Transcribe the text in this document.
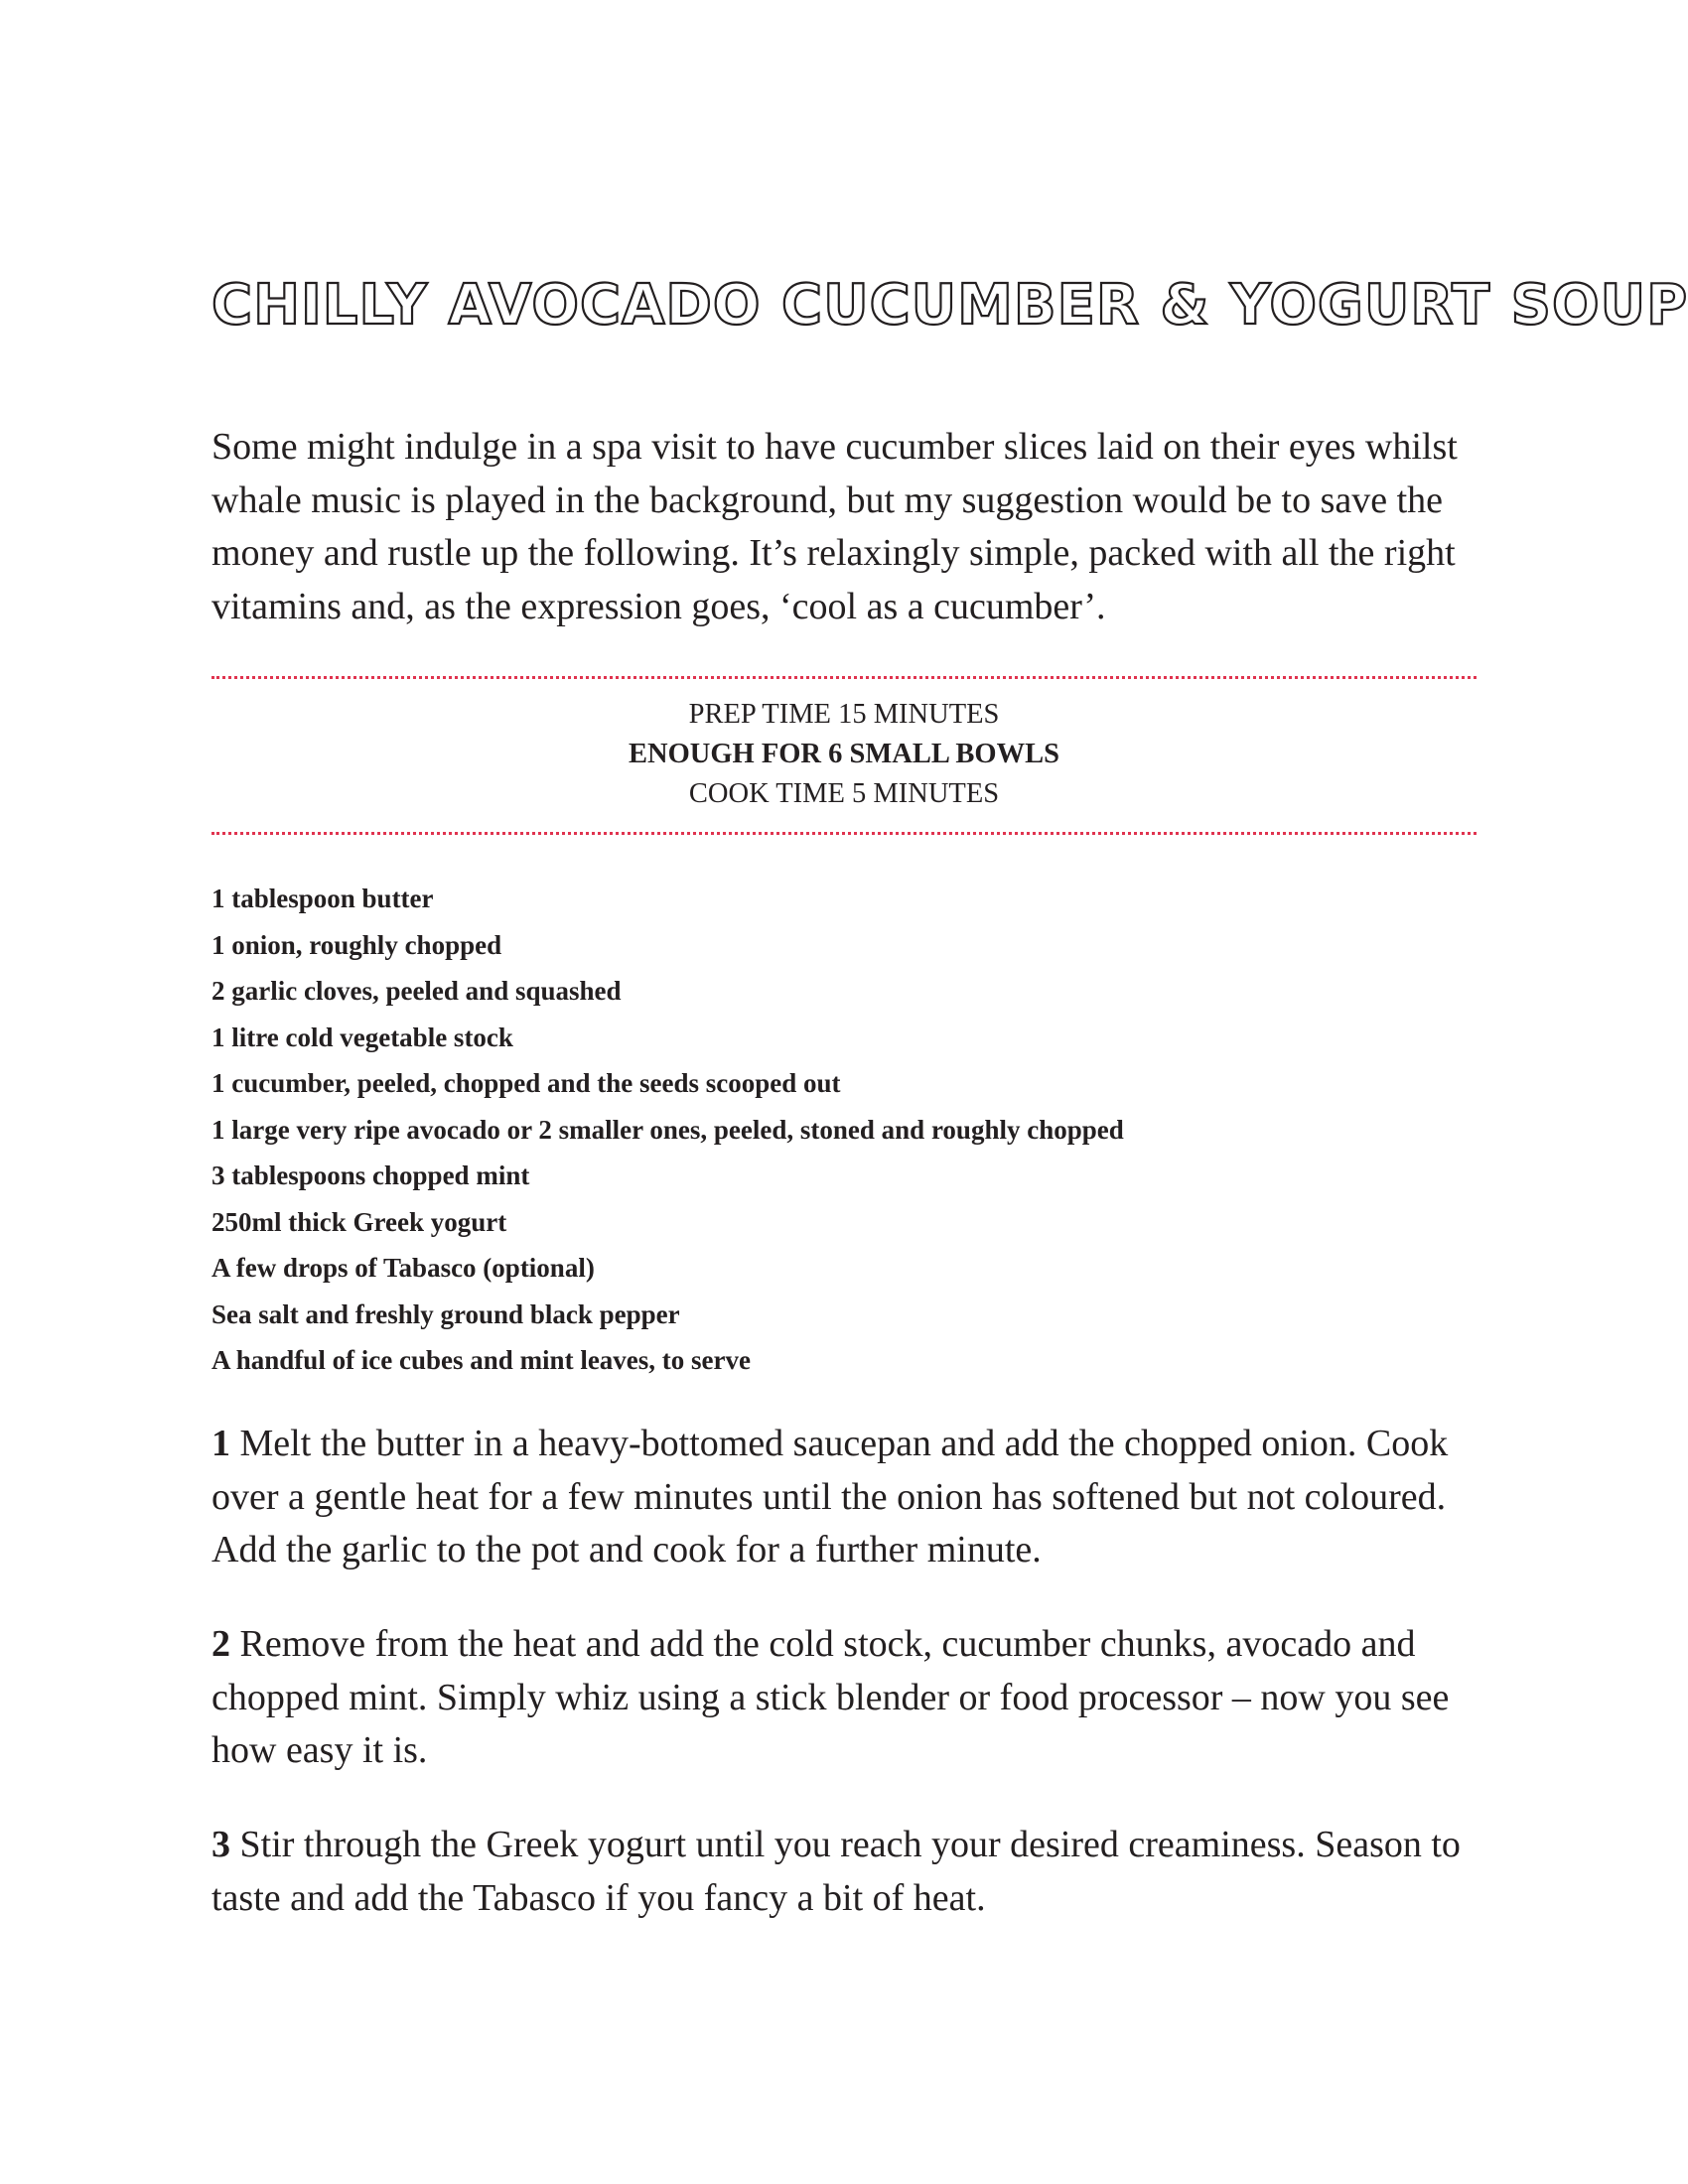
CHILLY AVOCADO CUCUMBER & YOGURT SOUP

Some might indulge in a spa visit to have cucumber slices laid on their eyes whilst whale music is played in the background, but my suggestion would be to save the money and rustle up the following. It’s relaxingly simple, packed with all the right vitamins and, as the expression goes, ‘cool as a cucumber’.

PREP TIME 15 MINUTES
ENOUGH FOR 6 SMALL BOWLS
COOK TIME 5 MINUTES
1 tablespoon butter
1 onion, roughly chopped
2 garlic cloves, peeled and squashed
1 litre cold vegetable stock
1 cucumber, peeled, chopped and the seeds scooped out
1 large very ripe avocado or 2 smaller ones, peeled, stoned and roughly chopped
3 tablespoons chopped mint
250ml thick Greek yogurt
A few drops of Tabasco (optional)
Sea salt and freshly ground black pepper
A handful of ice cubes and mint leaves, to serve

1 Melt the butter in a heavy-bottomed saucepan and add the chopped onion. Cook over a gentle heat for a few minutes until the onion has softened but not coloured. Add the garlic to the pot and cook for a further minute.

2 Remove from the heat and add the cold stock, cucumber chunks, avocado and chopped mint. Simply whiz using a stick blender or food processor – now you see how easy it is.

3 Stir through the Greek yogurt until you reach your desired creaminess. Season to taste and add the Tabasco if you fancy a bit of heat.
